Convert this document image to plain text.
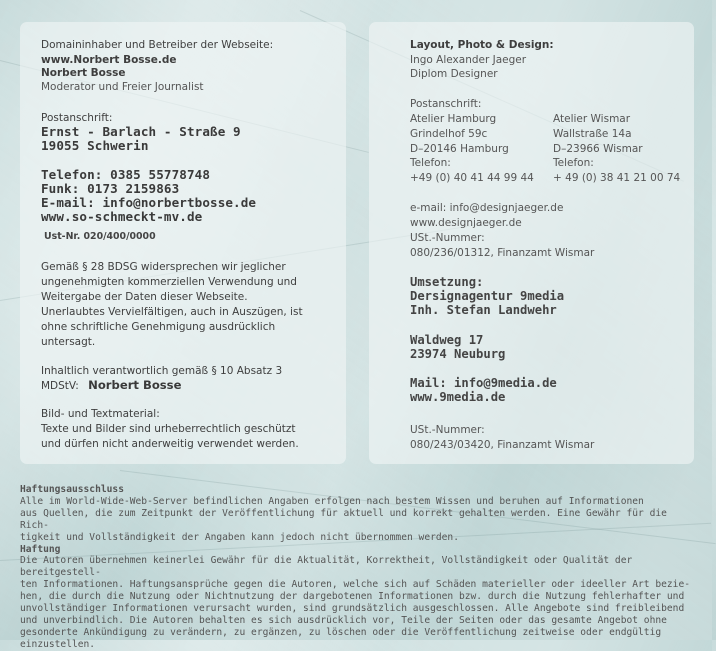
Domaininhaber und Betreiber der Webseite:
www.Norbert Bosse.de
Norbert Bosse
Moderator und Freier Journalist
Postanschrift:
Ernst - Barlach - Straße 9
19055 Schwerin
Telefon: 0385 55778748
Funk: 0173 2159863
E-mail: info@norbertbosse.de
www.so-schmeckt-mv.de
Ust-Nr. 020/400/0000
Gemäß § 28 BDSG widersprechen wir jeglicher
ungenehmigten kommerziellen Verwendung und
Weitergabe der Daten dieser Webseite.
Unerlaubtes Vervielfältigen, auch in Auszügen, ist
ohne schriftliche Genehmigung ausdrücklich
untersagt.
Inhaltlich verantwortlich gemäß § 10 Absatz 3
MDStV: Norbert Bosse
Bild- und Textmaterial:
Texte und Bilder sind urheberrechtlich geschützt
und dürfen nicht anderweitig verwendet werden.
Layout, Photo & Design:
Ingo Alexander Jaeger
Diplom Designer
Postanschrift:
Atelier Hamburg
Grindelhof 59c
D–20146 Hamburg
Telefon:
+49 (0) 40 41 44 99 44
Atelier Wismar
Wallstraße 14a
D–23966 Wismar
Telefon:
+ 49 (0) 38 41 21 00 74
e-mail: info@designjaeger.de
www.designjaeger.de
USt.-Nummer:
080/236/01312, Finanzamt Wismar
Umsetzung:
Dersignagentur 9media
Inh. Stefan Landwehr
Waldweg 17
23974 Neuburg
Mail: info@9media.de
www.9media.de
USt.-Nummer:
080/243/03420, Finanzamt Wismar
Haftungsausschluss
Alle im World-Wide-Web-Server befindlichen Angaben erfolgen nach bestem Wissen und beruhen auf Informationen
aus Quellen, die zum Zeitpunkt der Veröffentlichung für aktuell und korrekt gehalten werden. Eine Gewähr für die Rich-
tigkeit und Vollständigkeit der Angaben kann jedoch nicht übernommen werden.
Haftung
Die Autoren übernehmen keinerlei Gewähr für die Aktualität, Korrektheit, Vollständigkeit oder Qualität der bereitgestell-
ten Informationen. Haftungsansprüche gegen die Autoren, welche sich auf Schäden materieller oder ideeller Art bezie-
hen, die durch die Nutzung oder Nichtnutzung der dargebotenen Informationen bzw. durch die Nutzung fehlerhafter und
unvollständiger Informationen verursacht wurden, sind grundsätzlich ausgeschlossen. Alle Angebote sind freibleibend
und unverbindlich. Die Autoren behalten es sich ausdrücklich vor, Teile der Seiten oder das gesamte Angebot ohne
gesonderte Ankündigung zu verändern, zu ergänzen, zu löschen oder die Veröffentlichung zeitweise oder endgültig
einzustellen.
